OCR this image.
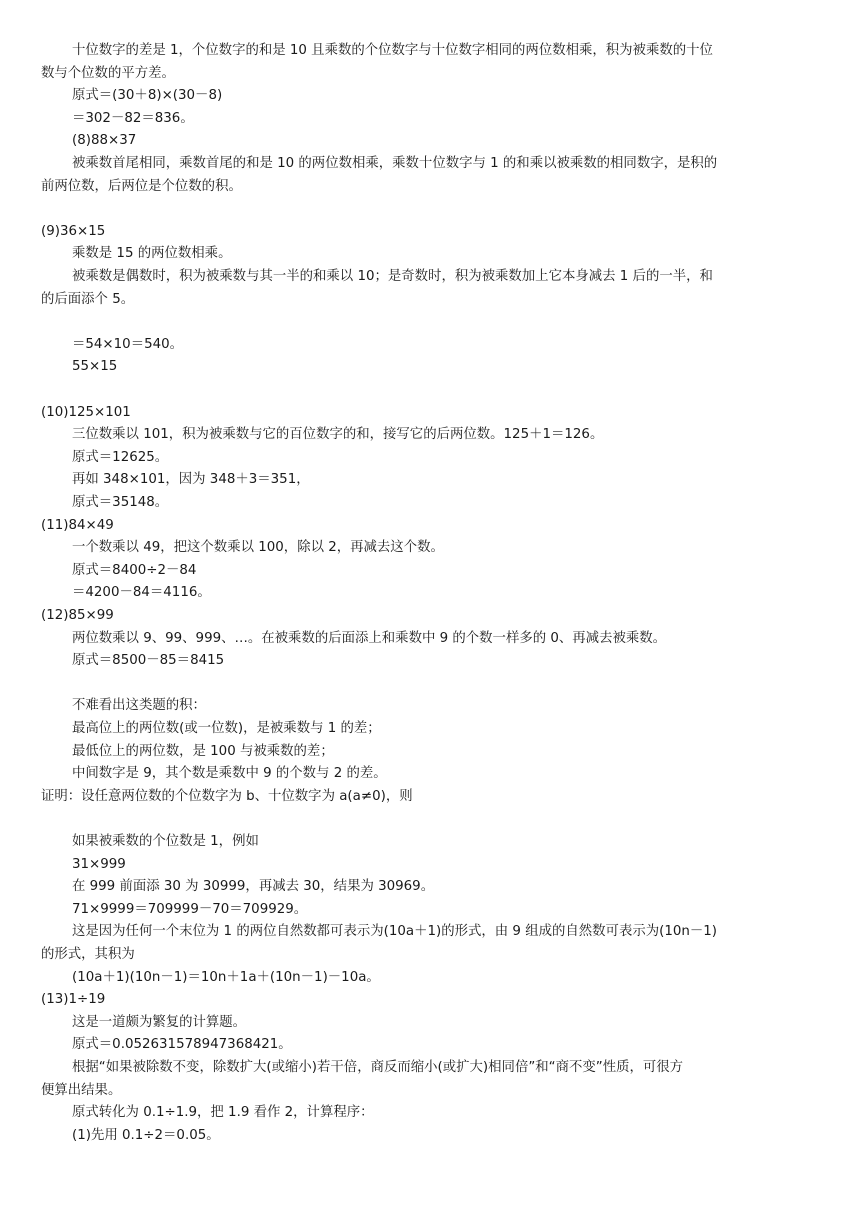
十位数字的差是 1，个位数字的和是 10 且乘数的个位数字与十位数字相同的两位数相乘，积为被乘数的十位
数与个位数的平方差。
原式＝(30＋8)×(30－8)
＝302－82＝836。
(8)88×37
被乘数首尾相同，乘数首尾的和是 10 的两位数相乘，乘数十位数字与 1 的和乘以被乘数的相同数字，是积的
前两位数，后两位是个位数的积。
(9)36×15
乘数是 15 的两位数相乘。
被乘数是偶数时，积为被乘数与其一半的和乘以 10；是奇数时，积为被乘数加上它本身减去 1 后的一半，和
的后面添个 5。
＝54×10＝540。
55×15
(10)125×101
三位数乘以 101，积为被乘数与它的百位数字的和，接写它的后两位数。125＋1＝126。
原式＝12625。
再如 348×101，因为 348＋3＝351，
原式＝35148。
(11)84×49
一个数乘以 49，把这个数乘以 100，除以 2，再减去这个数。
原式＝8400÷2－84
＝4200－84＝4116。
(12)85×99
两位数乘以 9、99、999、…。在被乘数的后面添上和乘数中 9 的个数一样多的 0、再减去被乘数。
原式＝8500－85＝8415
不难看出这类题的积：
最高位上的两位数(或一位数)，是被乘数与 1 的差；
最低位上的两位数，是 100 与被乘数的差；
中间数字是 9，其个数是乘数中 9 的个数与 2 的差。
证明：设任意两位数的个位数字为 b、十位数字为 a(a≠0)，则
如果被乘数的个位数是 1，例如
31×999
在 999 前面添 30 为 30999，再减去 30，结果为 30969。
71×9999＝709999－70＝709929。
这是因为任何一个末位为 1 的两位自然数都可表示为(10a＋1)的形式，由 9 组成的自然数可表示为(10n－1)
的形式，其积为
(10a＋1)(10n－1)＝10n＋1a＋(10n－1)－10a。
(13)1÷19
这是一道颇为繁复的计算题。
原式＝0.052631578947368421。
根据“如果被除数不变，除数扩大(或缩小)若干倍，商反而缩小(或扩大)相同倍”和“商不变”性质，可很方
便算出结果。
原式转化为 0.1÷1.9，把 1.9 看作 2，计算程序：
(1)先用 0.1÷2＝0.05。
